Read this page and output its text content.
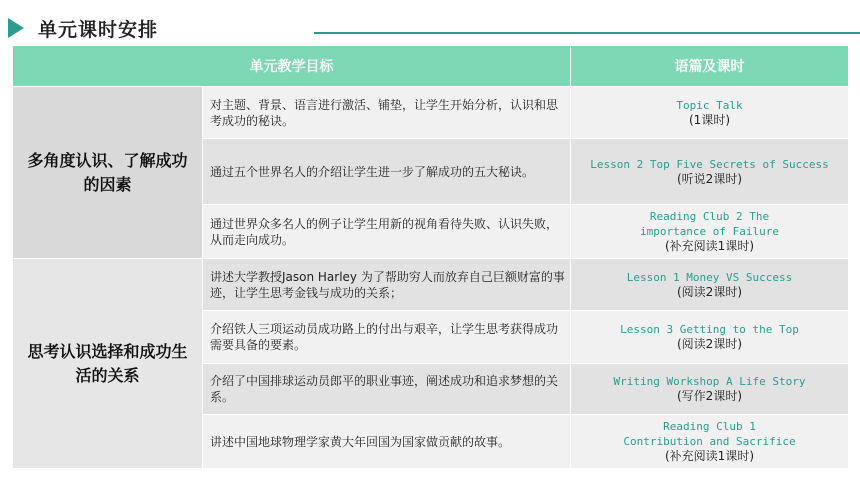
单元课时安排
单元教学目标		语篇及课时
多角度认识、了解成功的因素	对主题、背景、语言进行激活、铺垫，让学生开始分析，认识和思考成功的秘诀。	Topic Talk
(1课时)

	通过五个世界名人的介绍让学生进一步了解成功的五大秘诀。	Lesson 2 Top Five Secrets of Success
(听说2课时)

	通过世界众多名人的例子让学生用新的视角看待失败、认识失败，从而走向成功。	Reading Club 2 The
importance of Failure
(补充阅读1课时)

思考认识选择和成功生活的关系	讲述大学教授Jason Harley 为了帮助穷人而放弃自己巨额财富的事迹，让学生思考金钱与成功的关系；	Lesson 1 Money VS Success
(阅读2课时)

	介绍铁人三项运动员成功路上的付出与艰辛，让学生思考获得成功需要具备的要素。	Lesson 3 Getting to the Top
(阅读2课时)

	介绍了中国排球运动员郎平的职业事迹，阐述成功和追求梦想的关系。	Writing Workshop A Life Story
(写作2课时)

	讲述中国地球物理学家黄大年回国为国家做贡献的故事。	Reading Club 1
Contribution and Sacrifice
(补充阅读1课时)
